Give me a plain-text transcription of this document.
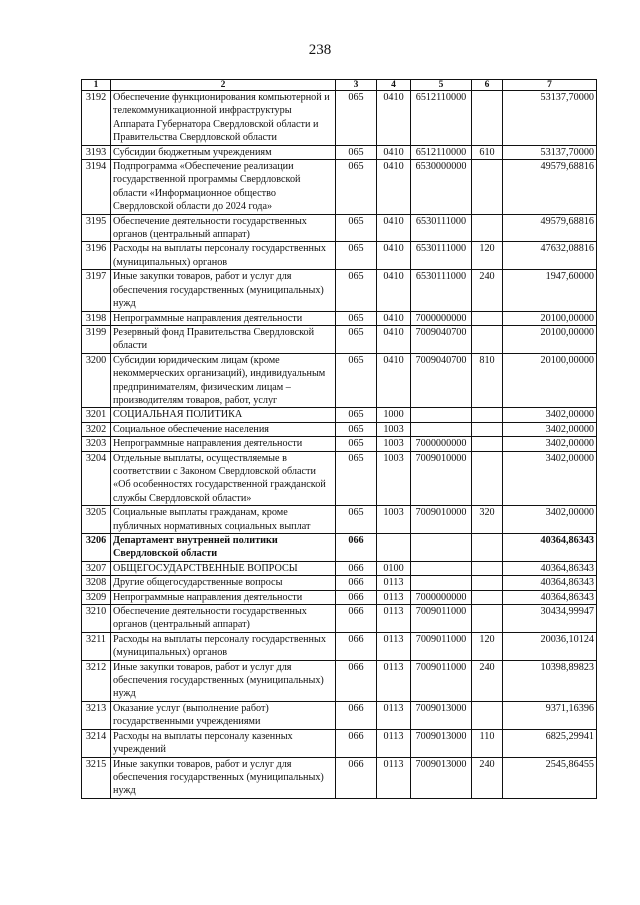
238
1	2	3	4	5	6	7
3192	Обеспечение функционирования компьютерной и телекоммуникационной инфраструктуры Аппарата Губернатора Свердловской области и Правительства Свердловской области	065	0410	6512110000		53137,70000
3193	Субсидии бюджетным учреждениям	065	0410	6512110000	610	53137,70000
3194	Подпрограмма «Обеспечение реализации государственной программы Свердловской области «Информационное общество Свердловской области до 2024 года»	065	0410	6530000000		49579,68816
3195	Обеспечение деятельности государственных органов (центральный аппарат)	065	0410	6530111000		49579,68816
3196	Расходы на выплаты персоналу государственных (муниципальных) органов	065	0410	6530111000	120	47632,08816
3197	Иные закупки товаров, работ и услуг для обеспечения государственных (муниципальных) нужд	065	0410	6530111000	240	1947,60000
3198	Непрограммные направления деятельности	065	0410	7000000000		20100,00000
3199	Резервный фонд Правительства Свердловской области	065	0410	7009040700		20100,00000
3200	Субсидии юридическим лицам (кроме некоммерческих организаций), индивидуальным предпринимателям, физическим лицам – производителям товаров, работ, услуг	065	0410	7009040700	810	20100,00000
3201	СОЦИАЛЬНАЯ ПОЛИТИКА	065	1000			3402,00000
3202	Социальное обеспечение населения	065	1003			3402,00000
3203	Непрограммные направления деятельности	065	1003	7000000000		3402,00000
3204	Отдельные выплаты, осуществляемые в соответствии с Законом Свердловской области «Об особенностях государственной гражданской службы Свердловской области»	065	1003	7009010000		3402,00000
3205	Социальные выплаты гражданам, кроме публичных нормативных социальных выплат	065	1003	7009010000	320	3402,00000
3206	Департамент внутренней политики Свердловской области	066				40364,86343
3207	ОБЩЕГОСУДАРСТВЕННЫЕ ВОПРОСЫ	066	0100			40364,86343
3208	Другие общегосударственные вопросы	066	0113			40364,86343
3209	Непрограммные направления деятельности	066	0113	7000000000		40364,86343
3210	Обеспечение деятельности государственных органов (центральный аппарат)	066	0113	7009011000		30434,99947
3211	Расходы на выплаты персоналу государственных (муниципальных) органов	066	0113	7009011000	120	20036,10124
3212	Иные закупки товаров, работ и услуг для обеспечения государственных (муниципальных) нужд	066	0113	7009011000	240	10398,89823
3213	Оказание услуг (выполнение работ) государственными учреждениями	066	0113	7009013000		9371,16396
3214	Расходы на выплаты персоналу казенных учреждений	066	0113	7009013000	110	6825,29941
3215	Иные закупки товаров, работ и услуг для обеспечения государственных (муниципальных) нужд	066	0113	7009013000	240	2545,86455
